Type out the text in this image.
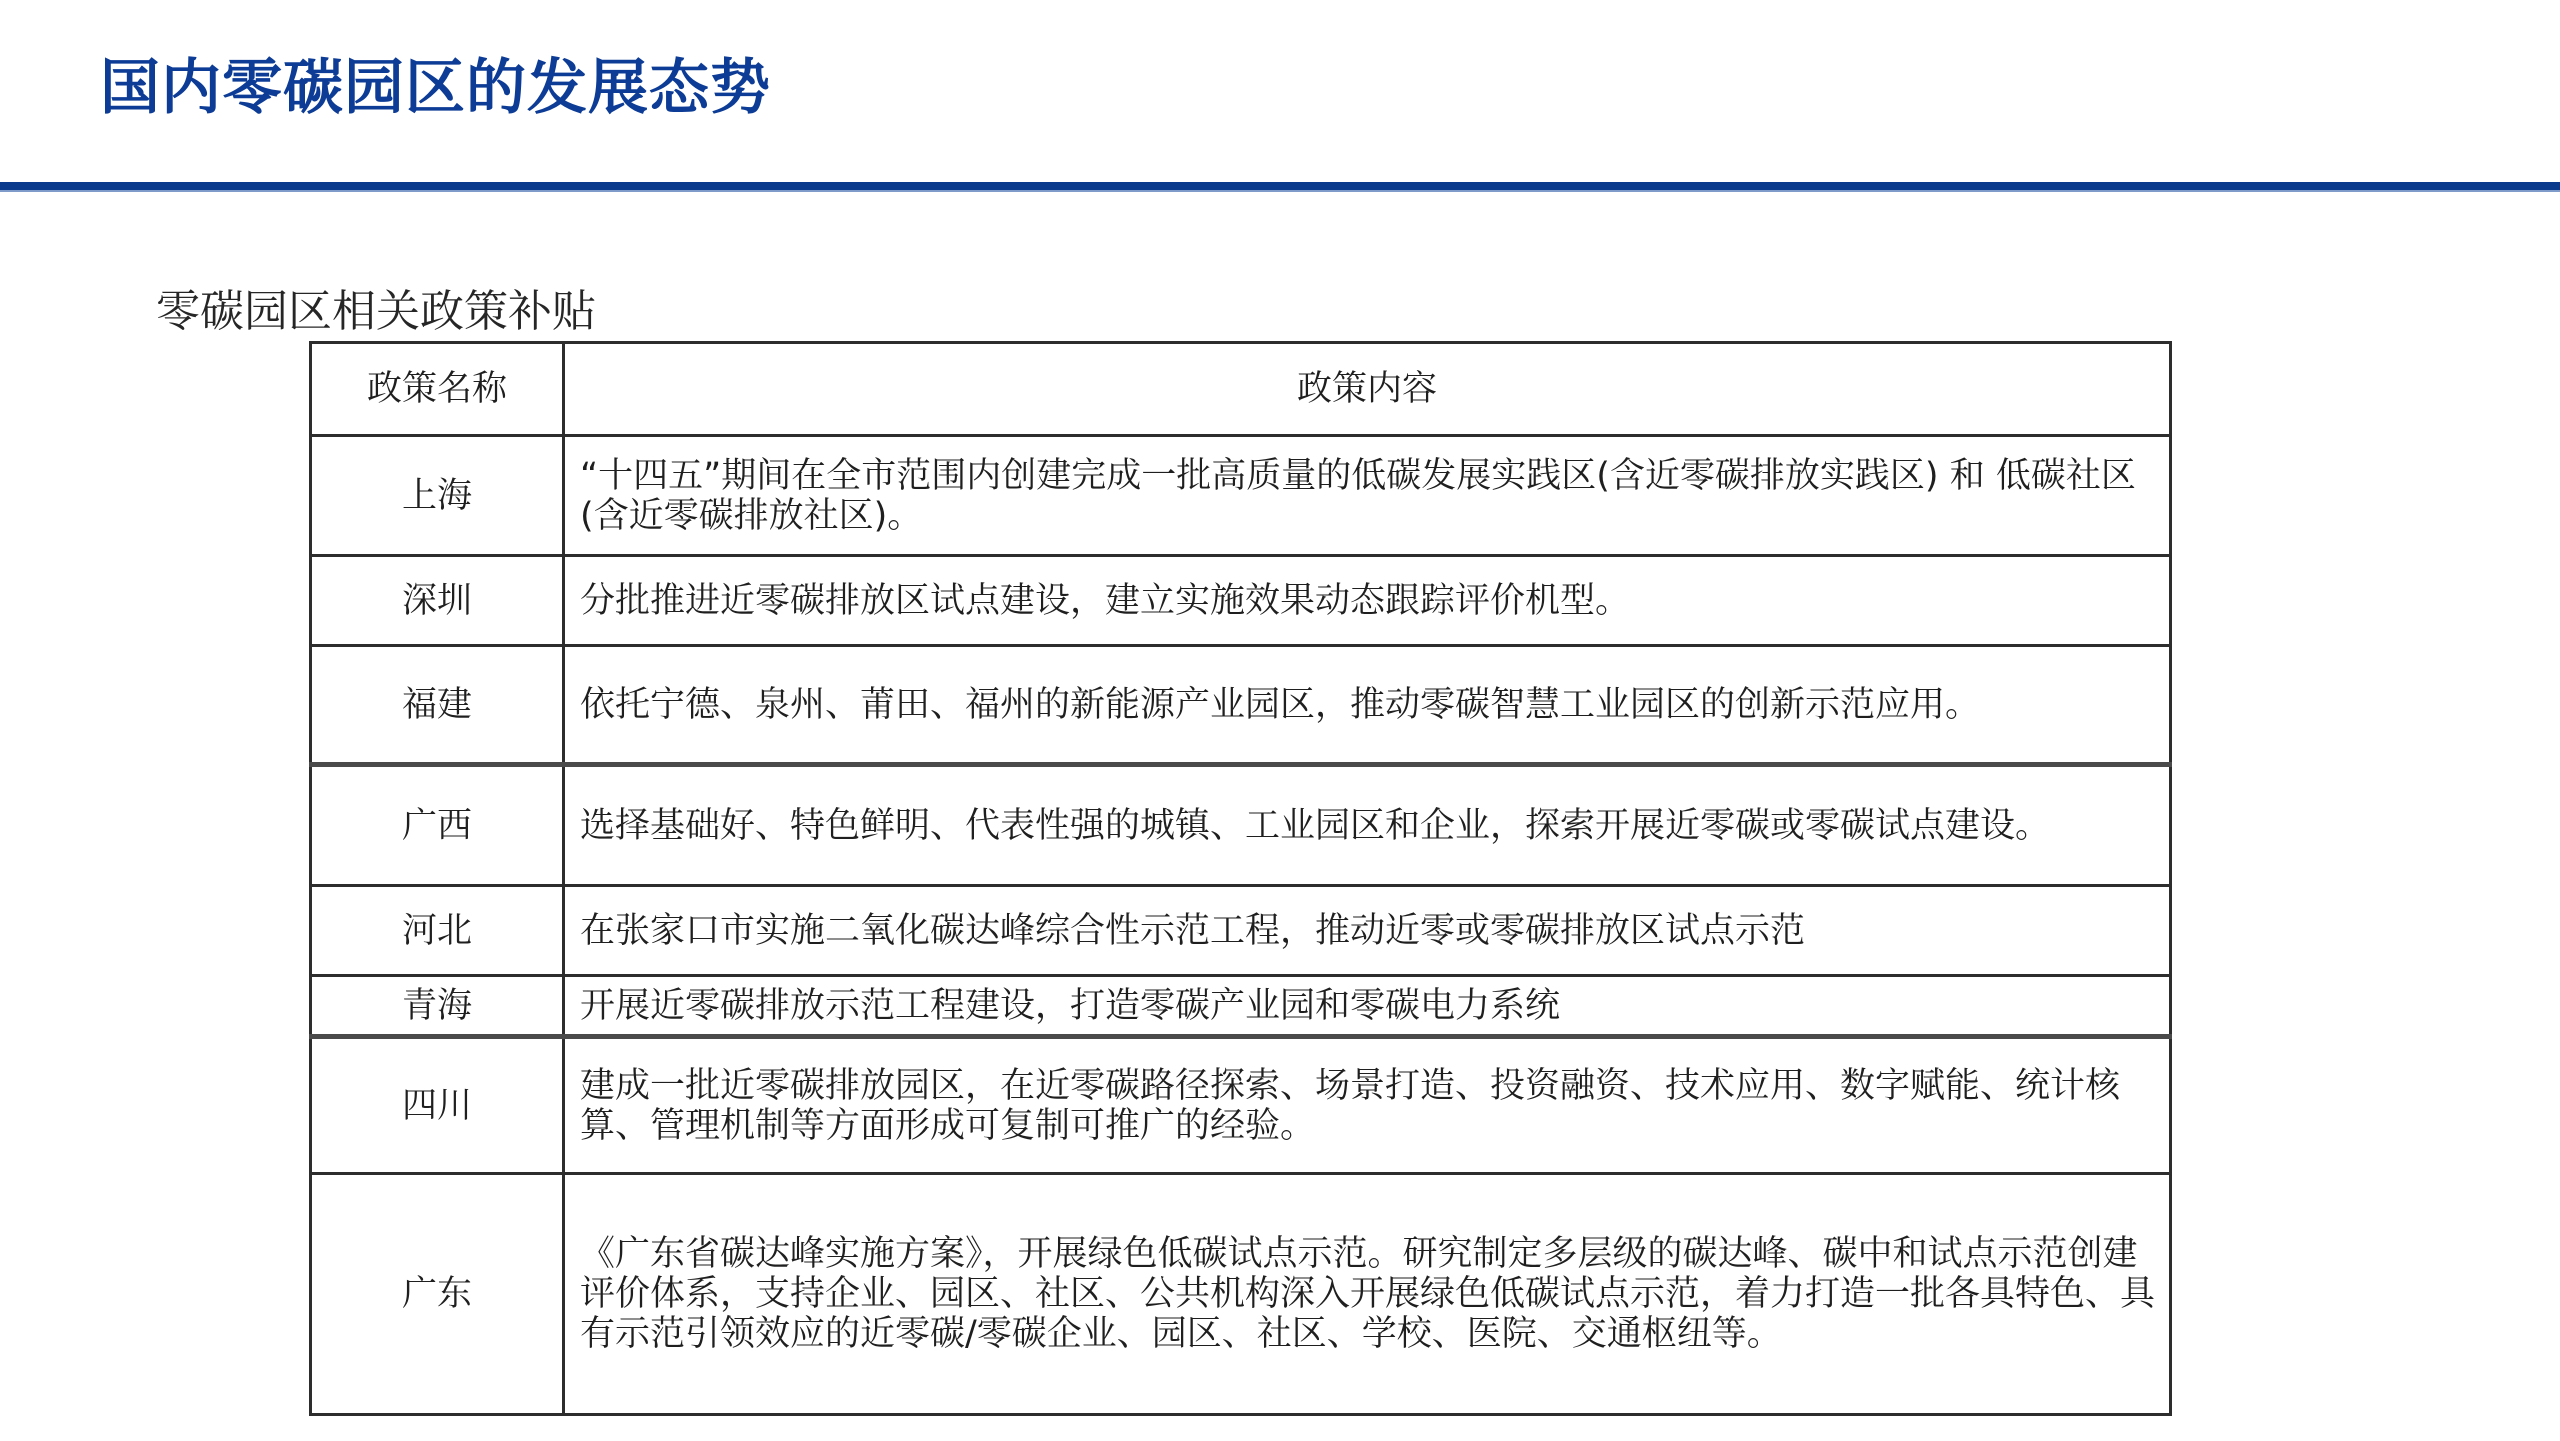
国内零碳园区的发展态势
零碳园区相关政策补贴
政策名称	政策内容
上海	“十四五”期间在全市范围内创建完成一批高质量的低碳发展实践区(含近零碳排放实践区) 和 低碳社区 (含近零碳排放社区)。
深圳	分批推进近零碳排放区试点建设，建立实施效果动态跟踪评价机型。
福建	依托宁德、泉州、莆田、福州的新能源产业园区，推动零碳智慧工业园区的创新示范应用。
广西	选择基础好、特色鲜明、代表性强的城镇、工业园区和企业，探索开展近零碳或零碳试点建设。
河北	在张家口市实施二氧化碳达峰综合性示范工程，推动近零或零碳排放区试点示范
青海	开展近零碳排放示范工程建设，打造零碳产业园和零碳电力系统
四川	建成一批近零碳排放园区，在近零碳路径探索、场景打造、投资融资、技术应用、数字赋能、统计核算、管理机制等方面形成可复制可推广的经验。
广东	《广东省碳达峰实施方案》，开展绿色低碳试点示范。研究制定多层级的碳达峰、碳中和试点示范创建评价体系，支持企业、园区、社区、公共机构深入开展绿色低碳试点示范，着力打造一批各具特色、具有示范引领效应的近零碳/零碳企业、园区、社区、学校、医院、交通枢纽等。
